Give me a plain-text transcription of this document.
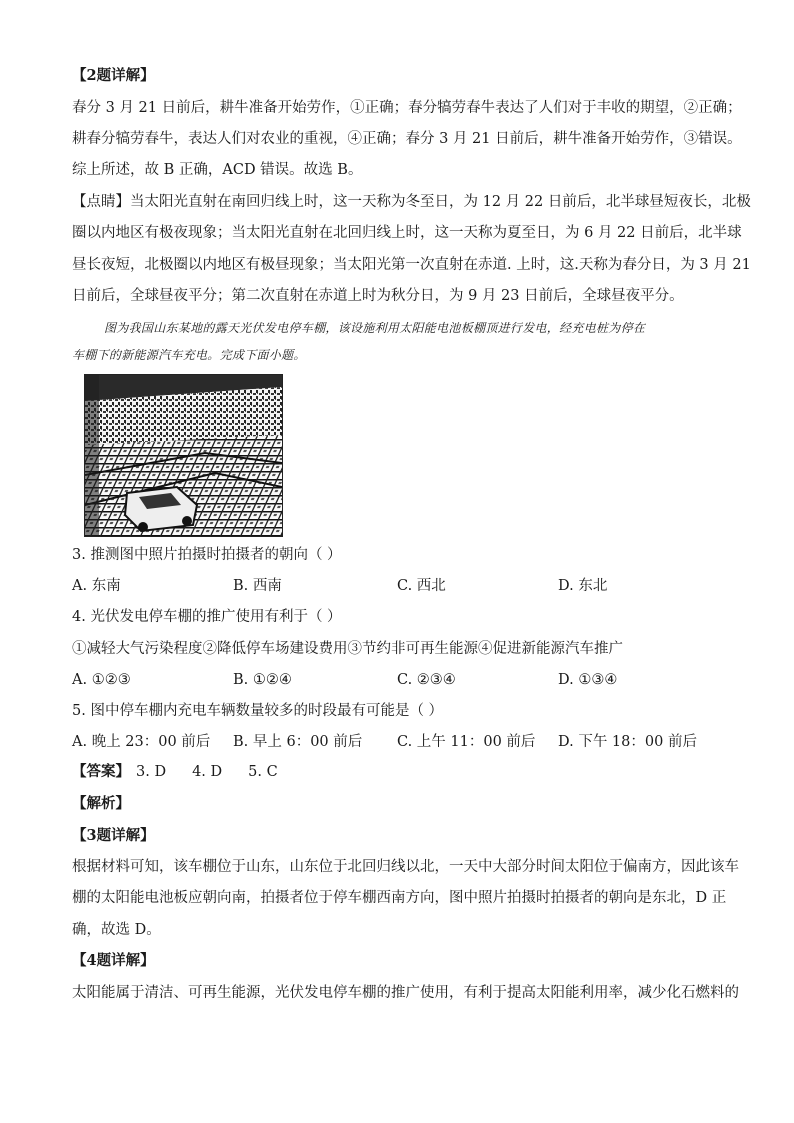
【2题详解】
春分 3 月 21 日前后，耕牛准备开始劳作，①正确；春分犒劳春牛表达了人们对于丰收的期望，②正确；
耕春分犒劳春牛，表达人们对农业的重视，④正确；春分 3 月 21 日前后，耕牛准备开始劳作，③错误。
综上所述，故 B 正确，ACD 错误。故选 B。
【点睛】当太阳光直射在南回归线上时，这一天称为冬至日，为 12 月 22 日前后，北半球昼短夜长，北极
圈以内地区有极夜现象；当太阳光直射在北回归线上时，这一天称为夏至日，为 6 月 22 日前后，北半球
昼长夜短，北极圈以内地区有极昼现象；当太阳光第一次直射在赤道. 上时，这.天称为春分日，为 3 月 21
日前后，全球昼夜平分；第二次直射在赤道上时为秋分日，为 9 月 23 日前后，全球昼夜平分。
图为我国山东某地的露天光伏发电停车棚，该设施利用太阳能电池板棚顶进行发电，经充电桩为停在
车棚下的新能源汽车充电。完成下面小题。
3. 推测图中照片拍摄时拍摄者的朝向（ ）
A. 东南	B. 西南	C. 西北	D. 东北
4. 光伏发电停车棚的推广使用有利于（ ）
①减轻大气污染程度②降低停车场建设费用③节约非可再生能源④促进新能源汽车推广
A. ①②③	B. ①②④	C. ②③④	D. ①③④
5. 图中停车棚内充电车辆数量较多的时段最有可能是（ ）
A. 晚上 23：00 前后 B. 早上 6：00 前后 C. 上午 11：00 前后 D. 下午 18：00 前后
【答案】 3. D 4. D 5. C
【解析】
【3题详解】
根据材料可知，该车棚位于山东，山东位于北回归线以北，一天中大部分时间太阳位于偏南方，因此该车
棚的太阳能电池板应朝向南，拍摄者位于停车棚西南方向，图中照片拍摄时拍摄者的朝向是东北，D 正
确，故选 D。
【4题详解】
太阳能属于清洁、可再生能源，光伏发电停车棚的推广使用，有利于提高太阳能利用率，减少化石燃料的
